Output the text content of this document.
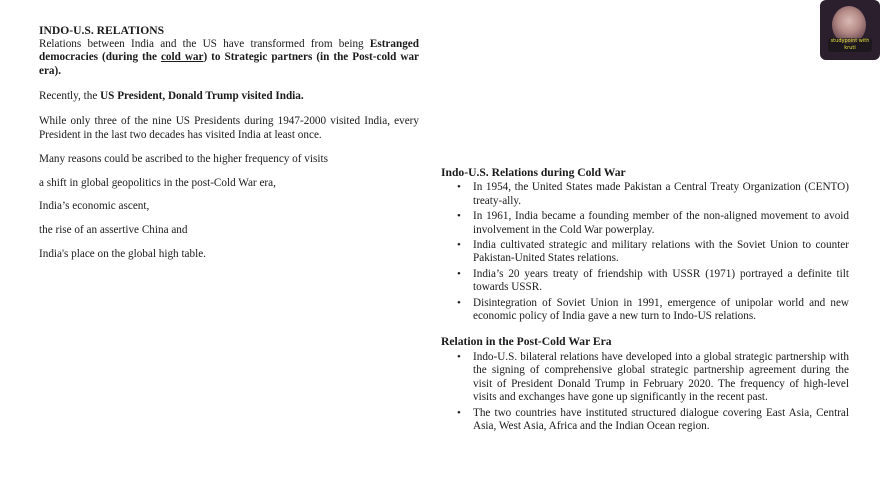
INDO-U.S. RELATIONS

Relations between India and the US have transformed from being Estranged democracies (during the cold war) to Strategic partners (in the Post-cold war era).

Recently, the US President, Donald Trump visited India.

While only three of the nine US Presidents during 1947-2000 visited India, every President in the last two decades has visited India at least once.

Many reasons could be ascribed to the higher frequency of visits

a shift in global geopolitics in the post-Cold War era,

India’s economic ascent,

the rise of an assertive China and

India's place on the global high table.

Indo-U.S. Relations during Cold War
• In 1954, the United States made Pakistan a Central Treaty Organization (CENTO) treaty-ally.
• In 1961, India became a founding member of the non-aligned movement to avoid involvement in the Cold War powerplay.
• India cultivated strategic and military relations with the Soviet Union to counter Pakistan-United States relations.
• India’s 20 years treaty of friendship with USSR (1971) portrayed a definite tilt towards USSR.
• Disintegration of Soviet Union in 1991, emergence of unipolar world and new economic policy of India gave a new turn to Indo-US relations.
Relation in the Post-Cold War Era
• Indo-U.S. bilateral relations have developed into a global strategic partnership with the signing of comprehensive global strategic partnership agreement during the visit of President Donald Trump in February 2020. The frequency of high-level visits and exchanges have gone up significantly in the recent past.
• The two countries have instituted structured dialogue covering East Asia, Central Asia, West Asia, Africa and the Indian Ocean region.
studypoint with
kruti
